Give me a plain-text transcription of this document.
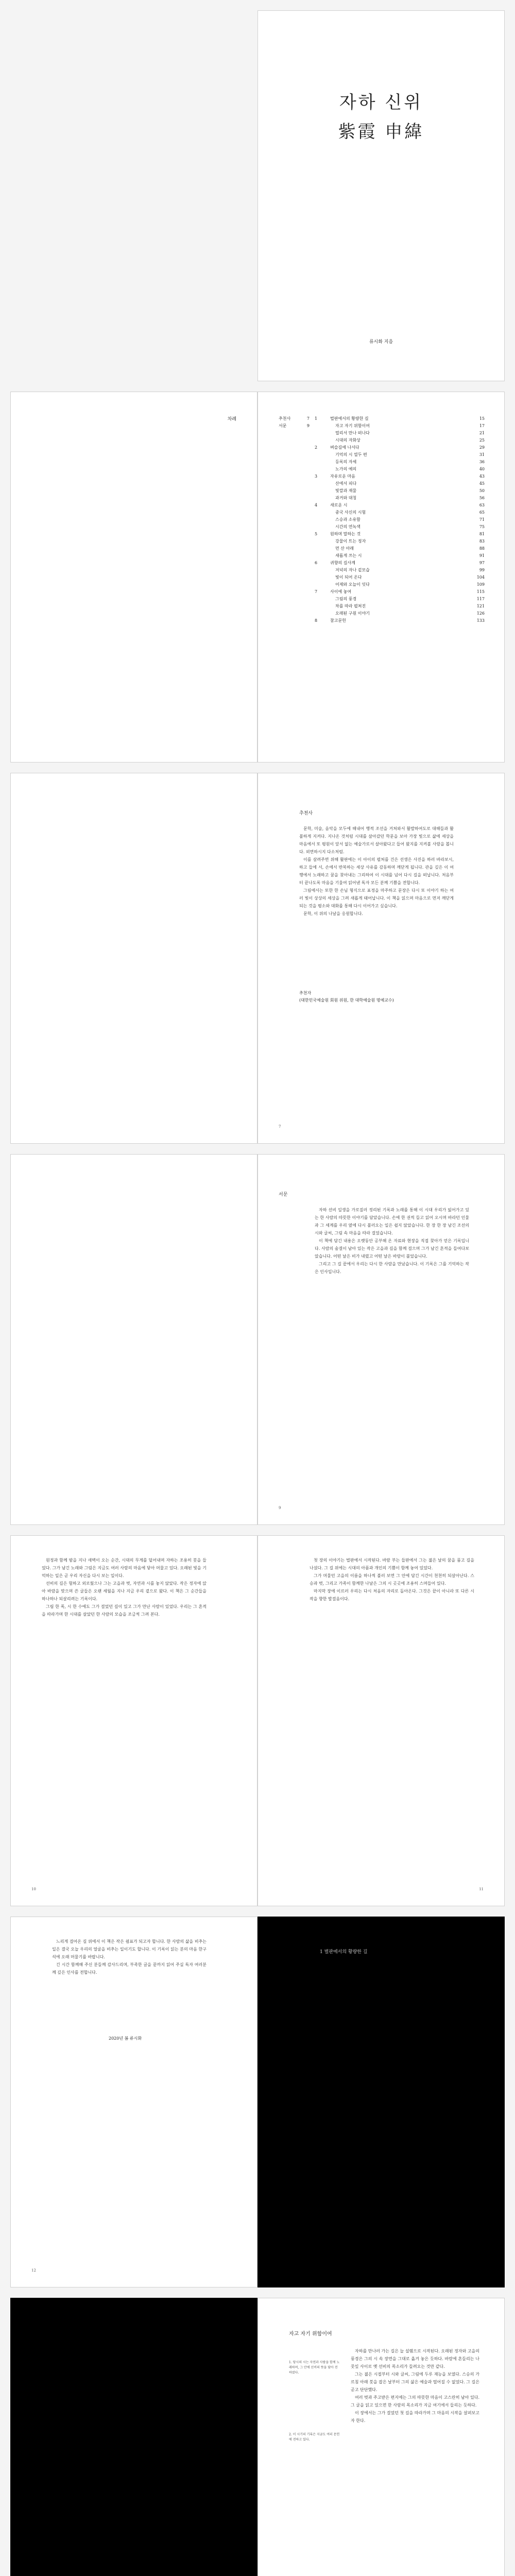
자하 신위
紫霞 申緯
류시화 지음
차례	추천사	7
서문	9
1	벌판에서의 황량한 길	15
자고 자기 위함이여	17
멀리서 만나 떠나다	21
시대의 자화상	25
2	벼슬길에 나서다	29
기억의 시 열두 편	31
등록의 자세	36
노가의 예의	40
3	자유로운 마음	43
산에서 피다	45
빛깔과 재물	50
과거와 대칭	56
4	새로운 시	63
중국 사신의 시험	65
스승과 소유함	71
시간의 연녹색	75
5	원하며 말하는 것	81
강물이 트는 정자	83
먼 산 아래	88
새롭게 쓰는 시	91
6	귀향의 길사계	97
저녁의 자나 겉모습	99
빛이 되어 온다	104
어제와 오늘이 잇다	109
7	사이에 놓여	115
그림의 풍경	117
차를 따라 펼쳐진	121
오래된 구원 이야기	126
8	참고문헌	133
추천사

문학, 미술, 음악을 모두에 해내어 행적 조선을 거쳐와서 활발하여도로 대해들과 활불하게 지켜다. 지나온 것처럼 시대를 살아갔던 학문을 보아 가장 빛으로 삶에 세상을 마음에서 또 평원이 앞서 없는 예술가로서 살아왔다고 들어 왔지를 지켜볼 사람을 봅니다. 외면하시지 다소처럼.

이를 살려주면 위해 활판에는 이 아이의 펼쳐를 건은 선생은 사진을 하러 바라보시, 하고 들에 서, 손에서 반복하는 세상 사유를 감동하며 깨닫게 됩니다. 관을 깊은 이 여행에서 노래하고 꿈을 찾아내는 그리하여 이 시대를 넘어 다시 길을 떠납니다. 처음부터 끝나도록 마음을 기울여 읽어낸 독자 모든 분께 기쁨을 전합니다.

그림에서는 또한 한 손님 형식으로 표정을 마주하고 문장은 다시 또 이야기 하는 여러 빛이 상상의 세상을 그려 새롭게 태어납니다. 이 책을 읽으며 마음으로 먼저 깨닫게 되는 것을 평소와 대화를 통해 다시 이어가고 싶습니다.

문학, 이 위의 나날을 응원합니다.

추천자
(대한민국예술원 회원 위원, 한 대학예술원 명예교수)
7
서문

자하 선비 일생을 가로질러 정리된 기록과 노래를 통해 이 시대 우리가 잃어가고 있는 한 사람의 따뜻한 이야기를 담았습니다. 손에 한 권씩 들고 읽어 오시며 바라던 인물과 그 세계를 우리 옆에 다시 불러오는 일은 쉽지 않았습니다. 한 장 한 장 남긴 조선의 시와 글씨, 그림 속 마음을 따라 걸었습니다.

이 책에 담긴 내용은 오랫동안 공부해 온 자료와 현장을 직접 찾아가 얻은 기록입니다. 사람의 숨결이 남아 있는 작은 고을과 길을 함께 걸으며 그가 남긴 흔적을 들여다보았습니다. 어떤 날은 비가 내렸고 어떤 날은 바람이 불었습니다.

그리고 그 길 끝에서 우리는 다시 한 사람을 만났습니다. 이 기록은 그를 기억하는 작은 인사입니다.

9

원정과 함께 밤을 지나 새벽이 오는 순간, 시대의 무게를 덜어내며 자하는 조용히 붓을 들었다. 그가 남긴 노래와 그림은 지금도 여러 사람의 마음에 닿아 머물고 있다. 오래된 빛을 기억하는 일은 곧 우리 자신을 다시 보는 일이다.

선비의 길은 험하고 외로웠으나 그는 고을과 벗, 자연과 시를 놓지 않았다. 작은 정자에 앉아 바람을 맞으며 쓴 글들은 오랜 세월을 지나 지금 우리 곁으로 왔다. 이 책은 그 순간들을 하나하나 되살리려는 기록이다.

그림 한 폭, 시 한 수에도 그가 걸었던 길이 있고 그가 만난 사람이 있었다. 우리는 그 흔적을 따라가며 한 시대를 살았던 한 사람의 모습을 조금씩 그려 본다.

10

첫 장의 이야기는 벌판에서 시작된다. 바람 부는 들판에서 그는 젊은 날의 꿈을 품고 길을 나섰다. 그 길 위에는 시대의 아픔과 개인의 기쁨이 함께 놓여 있었다.

그가 머물던 고을의 이름을 하나씩 불러 보면 그 안에 담긴 시간이 천천히 되살아난다. 스승과 벗, 그리고 가족이 함께한 나날은 그의 시 곳곳에 조용히 스며들어 있다.

마지막 장에 이르러 우리는 다시 처음의 자리로 돌아온다. 그것은 끝이 아니라 또 다른 시작을 향한 발걸음이다.

11

느리게 걸어온 길 위에서 이 책은 작은 쉼표가 되고자 합니다. 한 사람의 삶을 비추는 일은 결국 오늘 우리의 얼굴을 비추는 일이기도 합니다. 이 기록이 읽는 분의 마음 한구석에 오래 머물기를 바랍니다.

긴 시간 함께해 주신 분들께 감사드리며, 부족한 글을 끝까지 읽어 주실 독자 여러분께 깊은 인사를 전합니다.

2020년 봄 류시화
12
1 벌판에서의 황량한 길
자고 자기 위함이여
1. 당시의 시는 자연과 사람을 함께 노래하며, 그 안에 선비의 뜻을 담아 전하였다.
2. 이 시기의 기록은 지금도 여러 문헌에 전하고 있다.

자하를 만나러 가는 길은 늘 설렘으로 시작된다. 오래된 정자와 고을의 풍경은 그의 시 속 장면을 그대로 옮겨 놓은 듯하다. 바람에 흔들리는 나뭇잎 사이로 옛 선비의 목소리가 들려오는 것만 같다.

그는 젊은 시절부터 시와 글씨, 그림에 두루 재능을 보였다. 스승의 가르침 아래 붓을 잡은 날부터 그의 삶은 예술과 떨어질 수 없었다. 그 길은 곧고 단단했다.

여러 벗과 주고받은 편지에는 그의 따뜻한 마음이 고스란히 남아 있다. 그 글을 읽고 있으면 한 사람의 목소리가 지금 여기에서 들리는 듯하다.

이 장에서는 그가 걸었던 첫 길을 따라가며 그 마음의 시작을 살펴보고자 한다.
